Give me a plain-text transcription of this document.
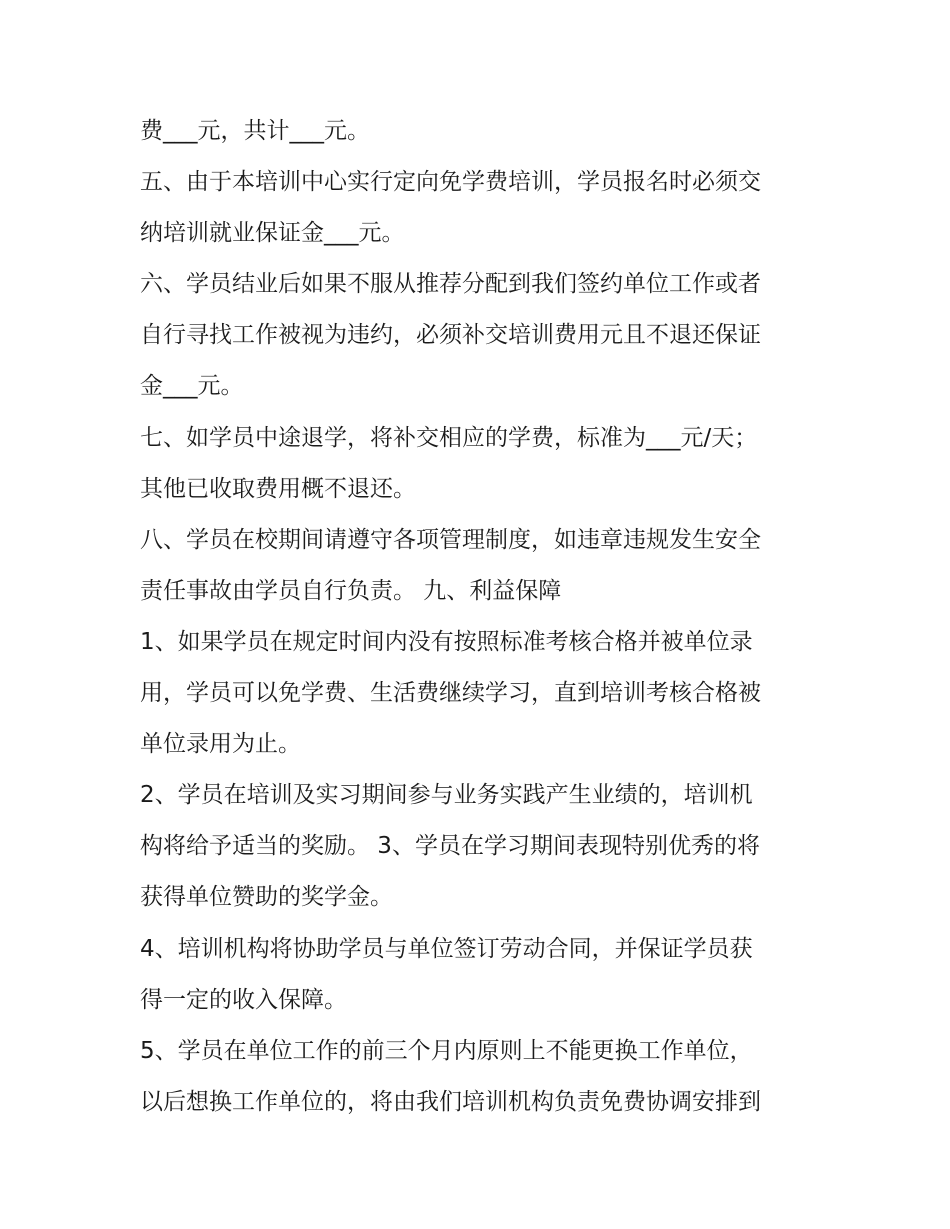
费___元，共计___元。
五、由于本培训中心实行定向免学费培训，学员报名时必须交
纳培训就业保证金___元。
六、学员结业后如果不服从推荐分配到我们签约单位工作或者
自行寻找工作被视为违约，必须补交培训费用元且不退还保证
金___元。
七、如学员中途退学，将补交相应的学费，标准为___元/天；
其他已收取费用概不退还。
八、学员在校期间请遵守各项管理制度，如违章违规发生安全
责任事故由学员自行负责。 九、利益保障
1、如果学员在规定时间内没有按照标准考核合格并被单位录
用，学员可以免学费、生活费继续学习，直到培训考核合格被
单位录用为止。
2、学员在培训及实习期间参与业务实践产生业绩的，培训机
构将给予适当的奖励。 3、学员在学习期间表现特别优秀的将
获得单位赞助的奖学金。
4、培训机构将协助学员与单位签订劳动合同，并保证学员获
得一定的收入保障。
5、学员在单位工作的前三个月内原则上不能更换工作单位，
以后想换工作单位的，将由我们培训机构负责免费协调安排到
